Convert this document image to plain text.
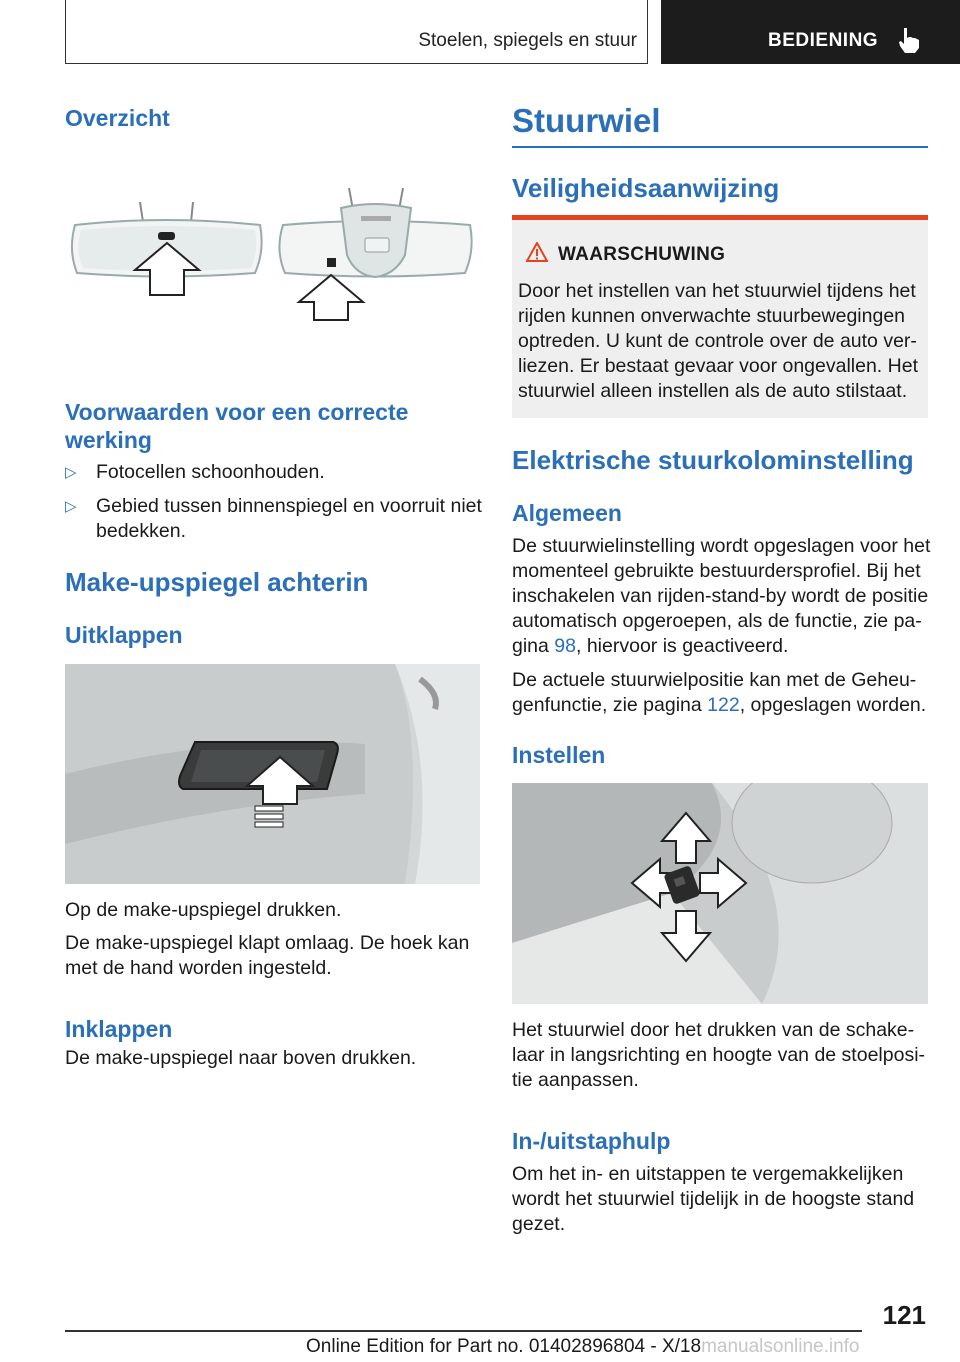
Stoelen, spiegels en stuur	BEDIENING
Overzicht
Voorwaarden voor een correcte
werking
▷ Fotocellen schoonhouden.
▷ Gebied tussen binnenspiegel en voorruit niet
bedekken.
Make-upspiegel achterin
Uitklappen
Op de make-upspiegel drukken.
De make-upspiegel klapt omlaag. De hoek kan
met de hand worden ingesteld.
Inklappen
De make-upspiegel naar boven drukken.
Stuurwiel
Veiligheidsaanwijzing
WAARSCHUWING
Door het instellen van het stuurwiel tijdens het
rijden kunnen onverwachte stuurbewegingen
optreden. U kunt de controle over de auto ver-
liezen. Er bestaat gevaar voor ongevallen. Het
stuurwiel alleen instellen als de auto stilstaat.
Elektrische stuurkolominstelling
Algemeen
De stuurwielinstelling wordt opgeslagen voor het
momenteel gebruikte bestuurdersprofiel. Bij het
inschakelen van rijden-stand-by wordt de positie
automatisch opgeroepen, als de functie, zie pa-
gina 98, hiervoor is geactiveerd.
De actuele stuurwielpositie kan met de Geheu-
genfunctie, zie pagina 122, opgeslagen worden.
Instellen
Het stuurwiel door het drukken van de schake-
laar in langsrichting en hoogte van de stoelposi-
tie aanpassen.
In-/uitstaphulp
Om het in- en uitstappen te vergemakkelijken
wordt het stuurwiel tijdelijk in de hoogste stand
gezet.
121
Online Edition for Part no. 01402896804 - X/18manualsonline.info
